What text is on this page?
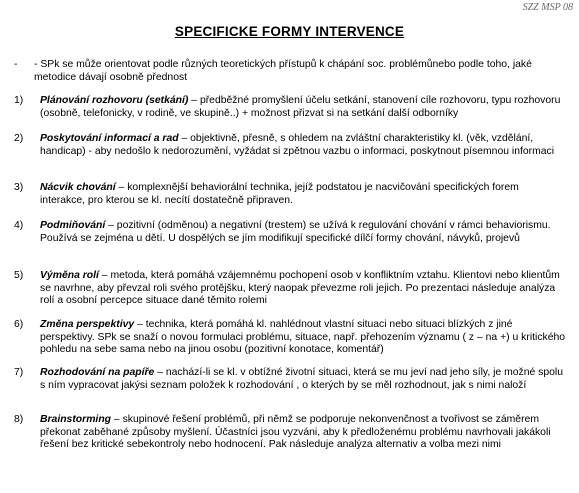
SZZ MSP 08
SPECIFICKE FORMY INTERVENCE
- - SPk se může orientovat podle různých teoretických přístupů k chápání soc. problémůnebo podle toho, jaké metodice dávají osobně přednost
1) Plánování rozhovoru (setkání) – předběžné promyšlení účelu setkání, stanovení cíle rozhovoru, typu rozhovoru (osobně, telefonicky, v rodině, ve skupině..) + možnost přizvat si na setkání další odborníky
2) Poskytování informací a rad – objektivně, přesně, s ohledem na zvláštní charakteristiky kl. (věk, vzdělání, handicap) - aby nedošlo k nedorozumění, vyžádat si zpětnou vazbu o informaci, poskytnout písemnou informaci
3) Nácvik chování – komplexnější behaviorální technika, jejíž podstatou je nacvičování specifických forem interakce, pro kterou se kl. necítí dostatečně připraven.
4) Podmiňování – pozitivní (odměnou) a negativní (trestem) se užívá k regulování chování v rámci behaviorismu. Používá se zejména u dětí. U dospělých se jím modifikují specifické dílčí formy chování, návyků, projevů
5) Výměna rolí – metoda, která pomáhá vzájemnému pochopení osob v konfliktním vztahu. Klientovi nebo klientům se navrhne, aby převzal roli svého protějšku, který naopak převezme roli jejich. Po prezentaci následuje analýza rolí a osobní percepce situace dané těmito rolemi
6) Změna perspektivy – technika, která pomáhá kl. nahlédnout vlastní situaci nebo situaci blízkých z jiné perspektivy. SPk se snaží o novou formulaci problému, situace, např. přehozením významu ( z – na +) u kritického pohledu na sebe sama nebo na jinou osobu (pozitivní konotace, komentář)
7) Rozhodování na papíře – nachází-li se kl. v obtížné životní situaci, která se mu jeví nad jeho síly, je možné spolu s ním vypracovat jakýsi seznam položek k rozhodování , o kterých by se měl rozhodnout, jak s nimi naloží
8) Brainstorming – skupinové řešení problémů, při němž se podporuje nekonvenčnost a tvořivost se záměrem překonat zaběhané způsoby myšlení. Účastníci jsou vyzváni, aby k předloženému problému navrhovali jakákoli řešení bez kritické sebekontroly nebo hodnocení. Pak následuje analýza alternativ a volba mezi nimi
